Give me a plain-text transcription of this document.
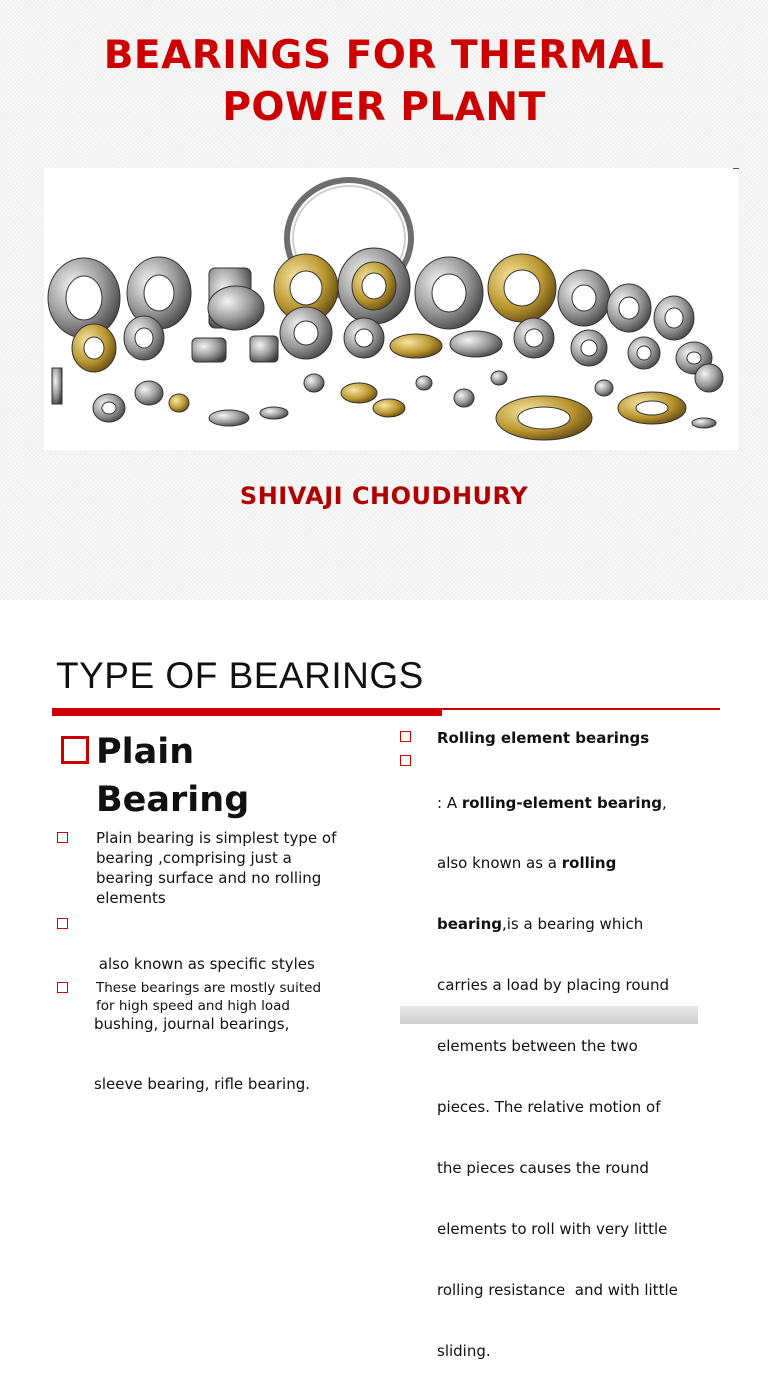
BEARINGS FOR THERMAL
POWER PLANT
SHIVAJI CHOUDHURY
TYPE OF BEARINGS
Plain
Bearing
Plain bearing is simplest type of
bearing ,comprising just a
bearing surface and no rolling
elements

also known as specific styles

bushing, journal bearings,

sleeve bearing, rifle bearing.

These bearings are mostly suited
for high speed and high load
Rolling element bearings

: A rolling-element bearing,

also known as a rolling

bearing,is a bearing which

carries a load by placing round

elements between the two

pieces. The relative motion of

the pieces causes the round

elements to roll with very little

rolling resistance  and with little

sliding.
